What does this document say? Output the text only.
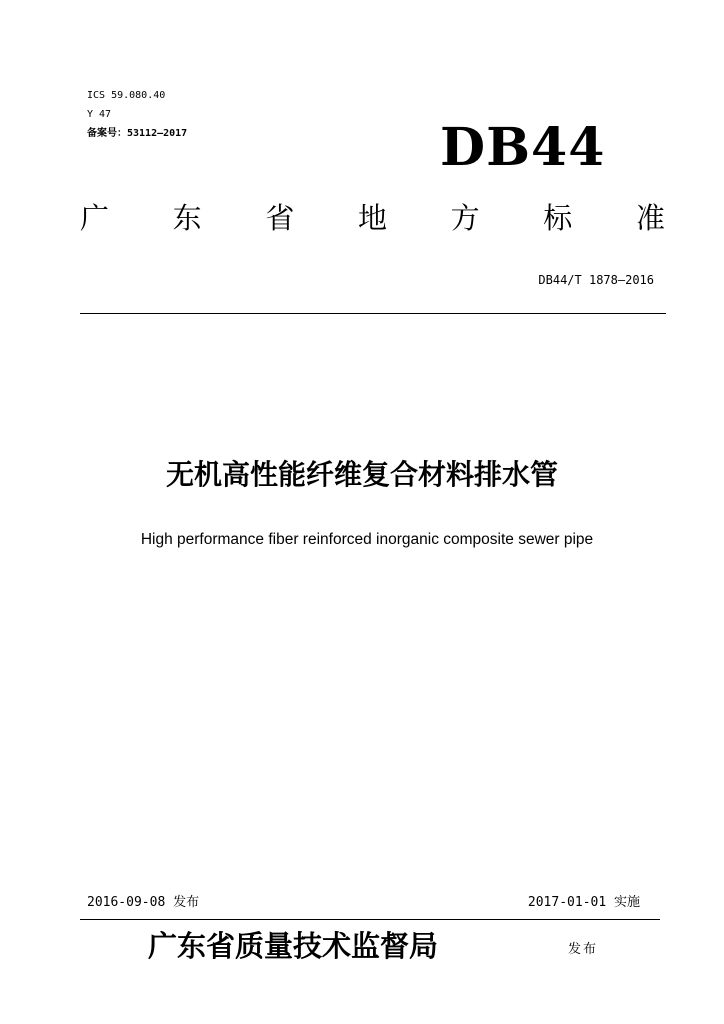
ICS 59.080.40
Y 47
备案号：53112—2017	DB44
广 东 省 地 方 标 准
DB44/T 1878—2016
无机高性能纤维复合材料排水管
High performance fiber reinforced inorganic composite sewer pipe
2016-09-08 发布	2017-01-01 实施
广东省质量技术监督局	发布
